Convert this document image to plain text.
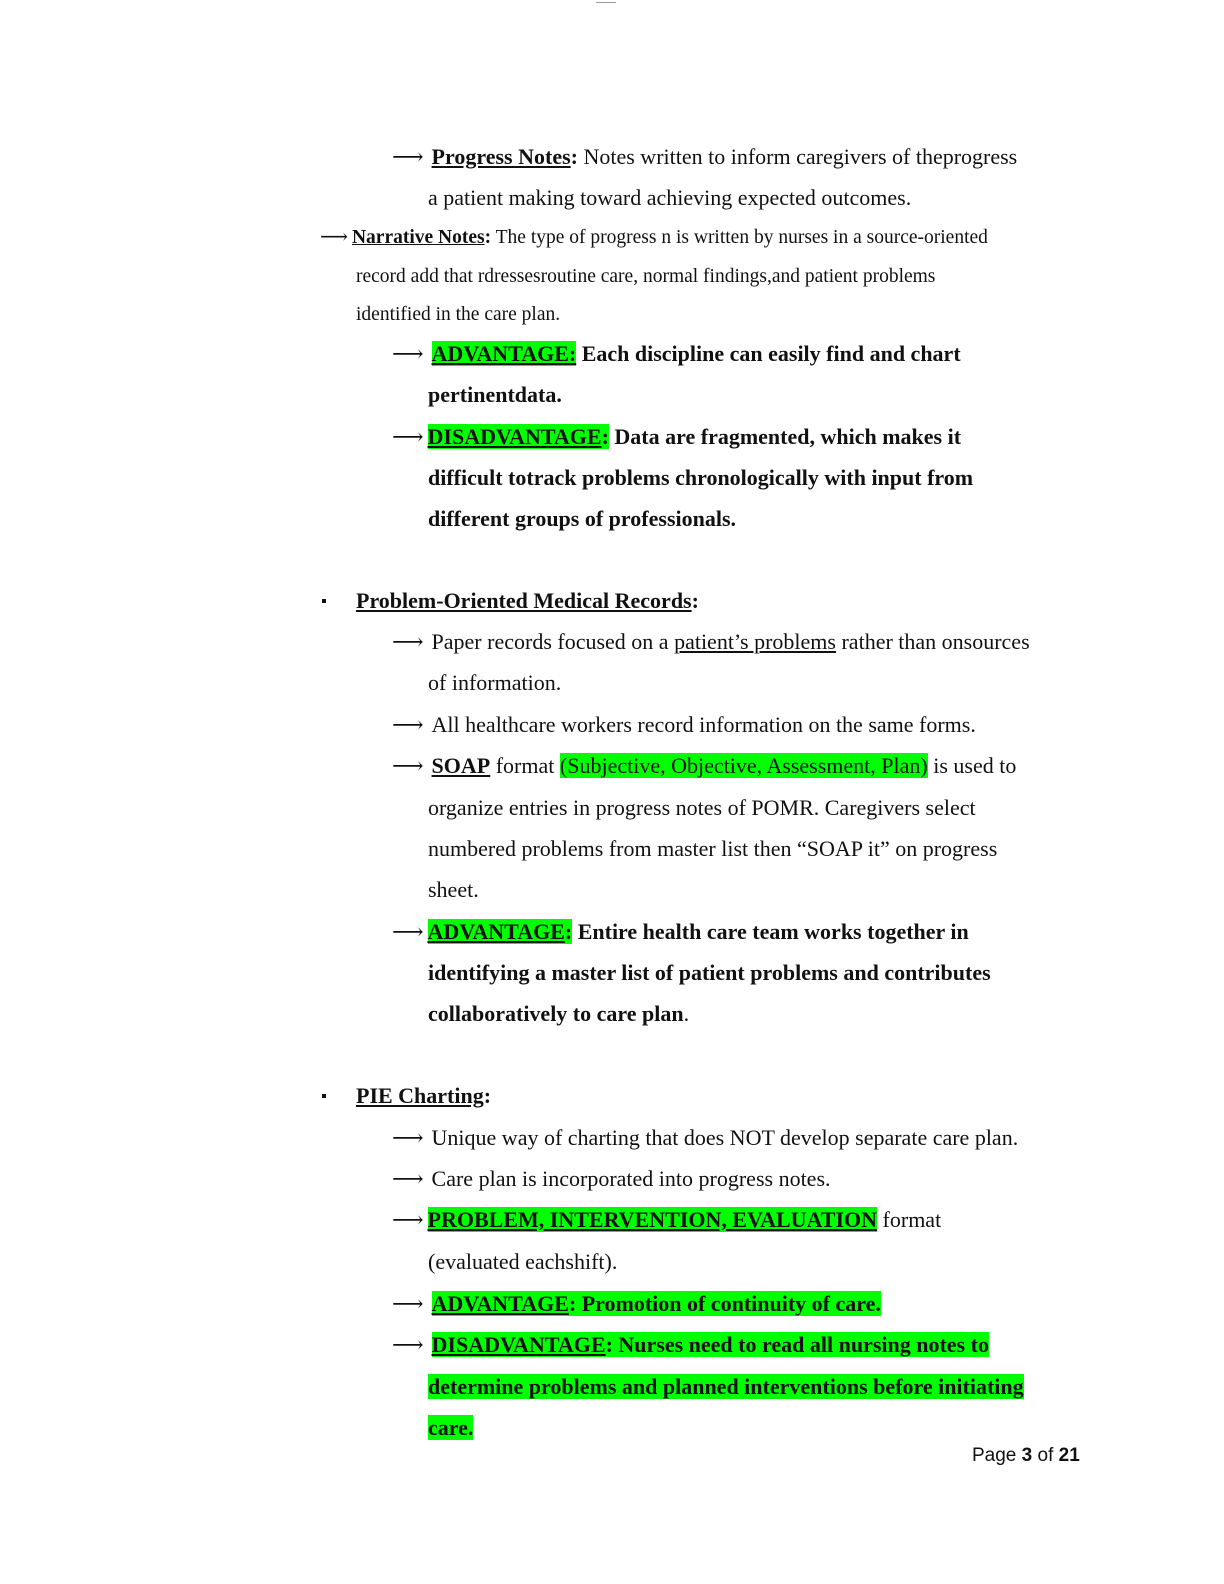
⟶ Progress Notes: Notes written to inform caregivers of theprogress
a patient making toward achieving expected outcomes.
⟶ Narrative Notes: The type of progress n is written by nurses in a source-oriented
record add that rdressesroutine care, normal findings,and patient problems
identified in the care plan.
⟶ ADVANTAGE: Each discipline can easily find and chart
pertinentdata.
⟶ DISADVANTAGE: Data are fragmented, which makes it
difficult totrack problems chronologically with input from
different groups of professionals.
Problem-Oriented Medical Records:
⟶ Paper records focused on a patient’s problems rather than onsources
of information.
⟶ All healthcare workers record information on the same forms.
⟶ SOAP format (Subjective, Objective, Assessment, Plan) is used to
organize entries in progress notes of POMR. Caregivers select
numbered problems from master list then “SOAP it” on progress
sheet.
⟶ ADVANTAGE: Entire health care team works together in
identifying a master list of patient problems and contributes
collaboratively to care plan.
PIE Charting:
⟶ Unique way of charting that does NOT develop separate care plan.
⟶ Care plan is incorporated into progress notes.
⟶ PROBLEM, INTERVENTION, EVALUATION format
(evaluated eachshift).
⟶ ADVANTAGE: Promotion of continuity of care.
⟶ DISADVANTAGE: Nurses need to read all nursing notes to
determine problems and planned interventions before initiating
care.
Page 3 of 21
